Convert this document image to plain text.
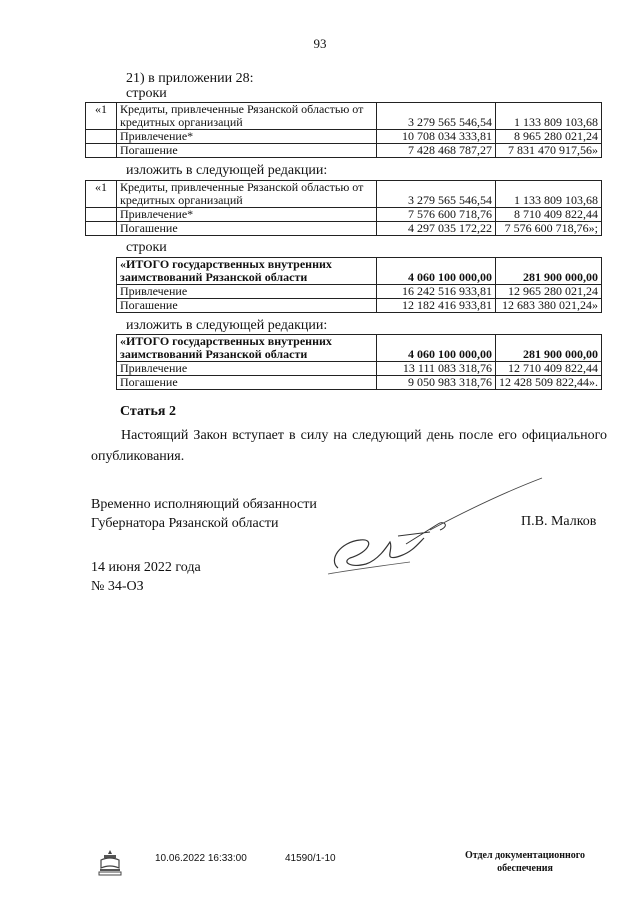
93
21) в приложении 28:
строки
«1	Кредиты, привлеченные Рязанской областью от кредитных организаций	3 279 565 546,54	1 133 809 103,68
	Привлечение*	10 708 034 333,81	8 965 280 021,24
	Погашение	7 428 468 787,27	7 831 470 917,56»
изложить в следующей редакции:
«1	Кредиты, привлеченные Рязанской областью от кредитных организаций	3 279 565 546,54	1 133 809 103,68
	Привлечение*	7 576 600 718,76	8 710 409 822,44
	Погашение	4 297 035 172,22	7 576 600 718,76»;
строки
«ИТОГО государственных внутренних заимствований Рязанской области	4 060 100 000,00	281 900 000,00
Привлечение	16 242 516 933,81	12 965 280 021,24
Погашение	12 182 416 933,81	12 683 380 021,24»
изложить в следующей редакции:
«ИТОГО государственных внутренних заимствований Рязанской области	4 060 100 000,00	281 900 000,00
Привлечение	13 111 083 318,76	12 710 409 822,44
Погашение	9 050 983 318,76	12 428 509 822,44».
Статья 2
Настоящий Закон вступает в силу на следующий день после его официального опубликования.
Временно исполняющий обязанности
Губернатора Рязанской области	П.В. Малков
14 июня 2022 года
№ 34-ОЗ
10.06.2022 16:33:00	41590/1-10	Отдел документационного
обеспечения
